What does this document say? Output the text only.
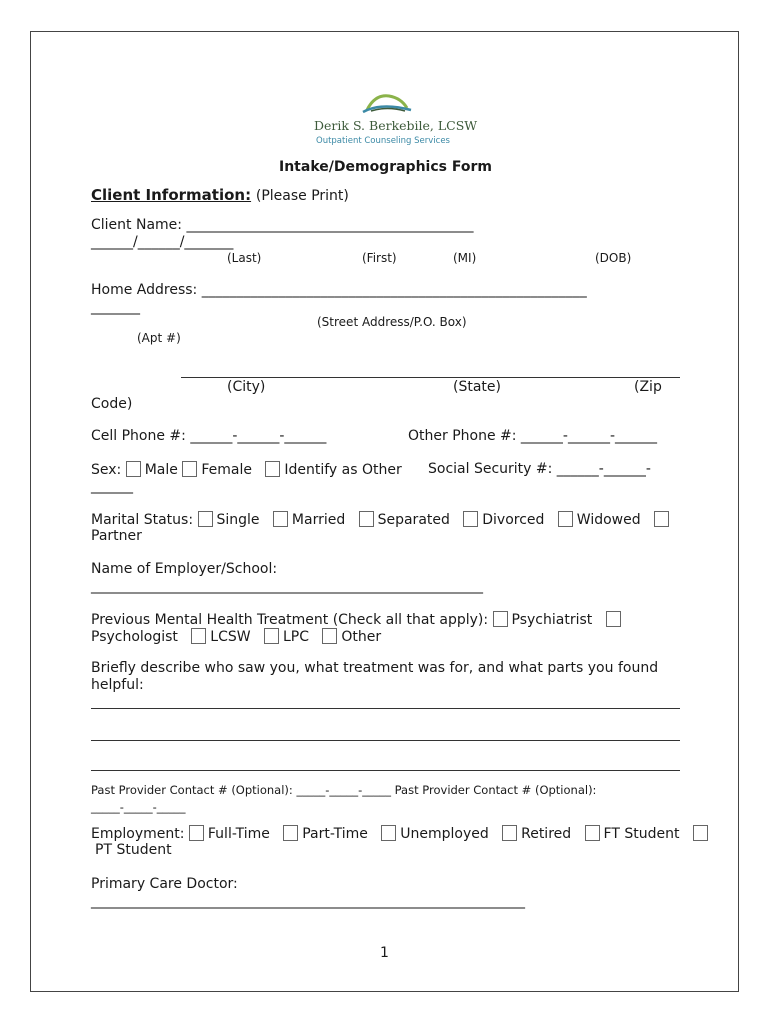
Derik S. Berkebile, LCSW
Outpatient Counseling Services
Intake/Demographics Form
Client Information: (Please Print)
Client Name: _________________________________________
______/______/_______
(Last)	(First)	(MI)	(DOB)
Home Address: _______________________________________________________
_______
(Street Address/P.O. Box)
(Apt #)
(City)	(State)	(Zip
Code)
Cell Phone #: ______-______-______	Other Phone #: ______-______-______
Sex: Male Female Identify as Other Social Security #: ______-______-
______
Marital Status: Single Married Separated Divorced Widowed
Partner
Name of Employer/School:
________________________________________________________
Previous Mental Health Treatment (Check all that apply): Psychiatrist
Psychologist LCSW LPC Other
Briefly describe who saw you, what treatment was for, and what parts you found
helpful:
Past Provider Contact # (Optional): _____-_____-_____ Past Provider Contact # (Optional):
_____-_____-_____
Employment: Full-Time Part-Time Unemployed Retired FT Student
PT Student
Primary Care Doctor:
______________________________________________________________
1
